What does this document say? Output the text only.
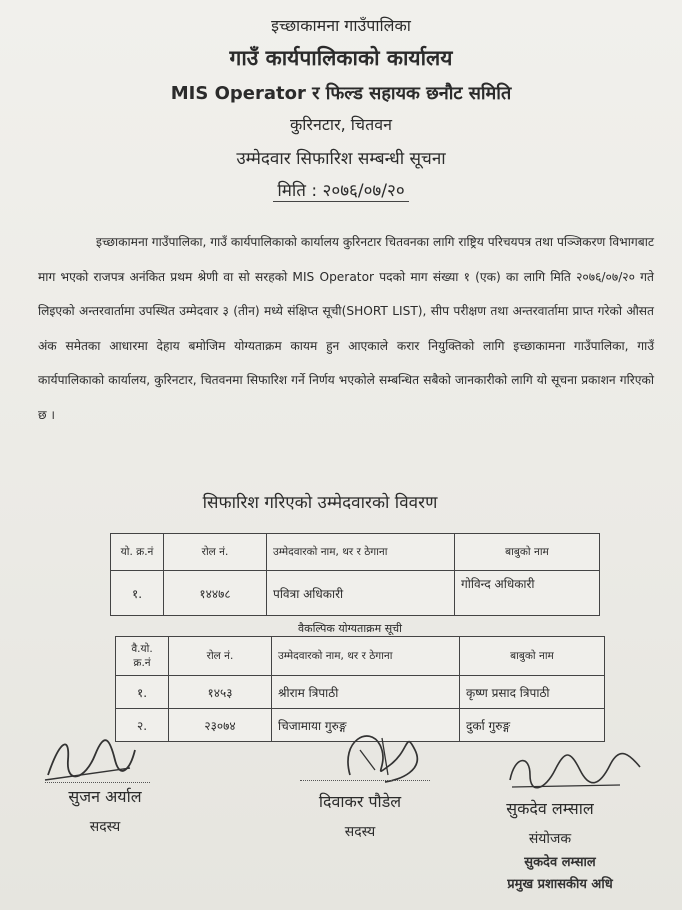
इच्छाकामना गाउँपालिका
गाउँ कार्यपालिकाको कार्यालय
MIS Operator र फिल्ड सहायक छनौट समिति
कुरिनटार, चितवन
उम्मेदवार सिफारिश सम्बन्धी सूचना
मिति : २०७६/०७/२०

इच्छाकामना गाउँपालिका, गाउँ कार्यपालिकाको कार्यालय कुरिनटार चितवनका लागि राष्ट्रिय परिचयपत्र तथा पञ्जिकरण विभागबाट माग भएको राजपत्र अनंकित प्रथम श्रेणी वा सो सरहको MIS Operator पदको माग संख्या १ (एक) का लागि मिति २०७६/०७/२० गते लिइएको अन्तरवार्तामा उपस्थित उम्मेदवार ३ (तीन) मध्ये संक्षिप्त सूची(SHORT LIST), सीप परीक्षण तथा अन्तरवार्तामा प्राप्त गरेको औसत अंक समेतका आधारमा देहाय बमोजिम योग्यताक्रम कायम हुन आएकाले करार नियुक्तिको लागि इच्छाकामना गाउँपालिका, गाउँ कार्यपालिकाको कार्यालय, कुरिनटार, चितवनमा सिफारिश गर्ने निर्णय भएकोले सम्बन्धित सबैको जानकारीको लागि यो सूचना प्रकाशन गरिएको छ ।

सिफारिश गरिएको उम्मेदवारको विवरण
यो. क्र.नं	रोल नं.	उम्मेदवारको नाम, थर र ठेगाना	बाबुको नाम
१.	१४४७८	पवित्रा अधिकारी	गोविन्द अधिकारी
वैकल्पिक योग्यताक्रम सूची
वै.यो. क्र.नं	रोल नं.	उम्मेदवारको नाम, थर र ठेगाना	बाबुको नाम
१.	१४५३	श्रीराम त्रिपाठी	कृष्ण प्रसाद त्रिपाठी
२.	२३०७४	चिजामाया गुरुङ्ग	दुर्का गुरुङ्ग
सुजन अर्याल
सदस्य
दिवाकर पौडेल
सदस्य
सुकदेव लम्साल
संयोजक
सुकदेव लम्साल
प्रमुख प्रशासकीय अधि
